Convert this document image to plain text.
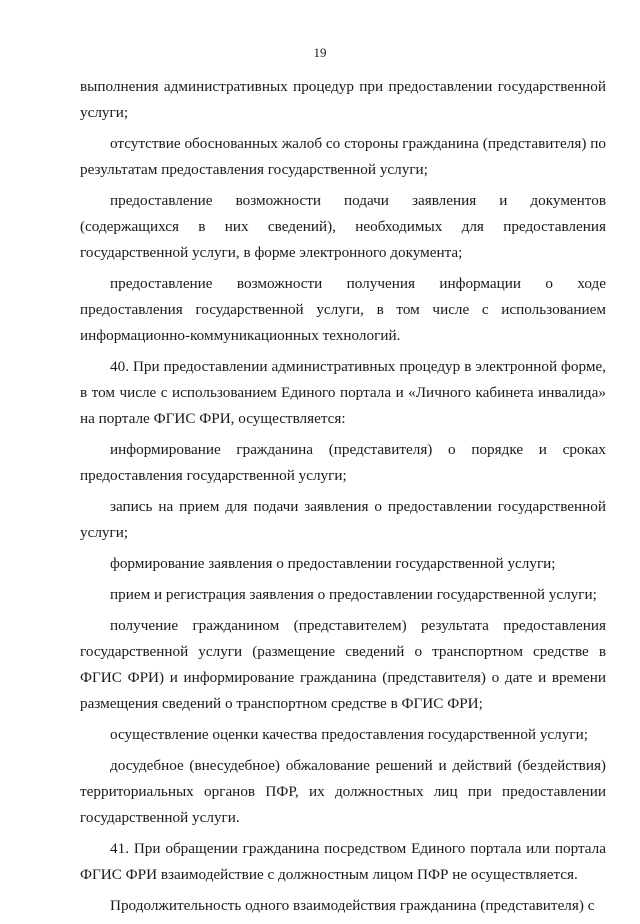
19

выполнения административных процедур при предоставлении государственной услуги;

отсутствие обоснованных жалоб со стороны гражданина (представителя) по результатам предоставления государственной услуги;

предоставление возможности подачи заявления и документов (содержащихся в них сведений), необходимых для предоставления государственной услуги, в форме электронного документа;

предоставление возможности получения информации о ходе предоставления государственной услуги, в том числе с использованием информационно-коммуникационных технологий.

40. При предоставлении административных процедур в электронной форме, в том числе с использованием Единого портала и «Личного кабинета инвалида» на портале ФГИС ФРИ, осуществляется:

информирование гражданина (представителя) о порядке и сроках предоставления государственной услуги;

запись на прием для подачи заявления о предоставлении государственной услуги;

формирование заявления о предоставлении государственной услуги;

прием и регистрация заявления о предоставлении государственной услуги;

получение гражданином (представителем) результата предоставления государственной услуги (размещение сведений о транспортном средстве в ФГИС ФРИ) и информирование гражданина (представителя) о дате и времени размещения сведений о транспортном средстве в ФГИС ФРИ;

осуществление оценки качества предоставления государственной услуги;

досудебное (внесудебное) обжалование решений и действий (бездействия) территориальных органов ПФР, их должностных лиц при предоставлении государственной услуги.

41. При обращении гражданина посредством Единого портала или портала ФГИС ФРИ взаимодействие с должностным лицом ПФР не осуществляется.

Продолжительность одного взаимодействия гражданина (представителя) с
